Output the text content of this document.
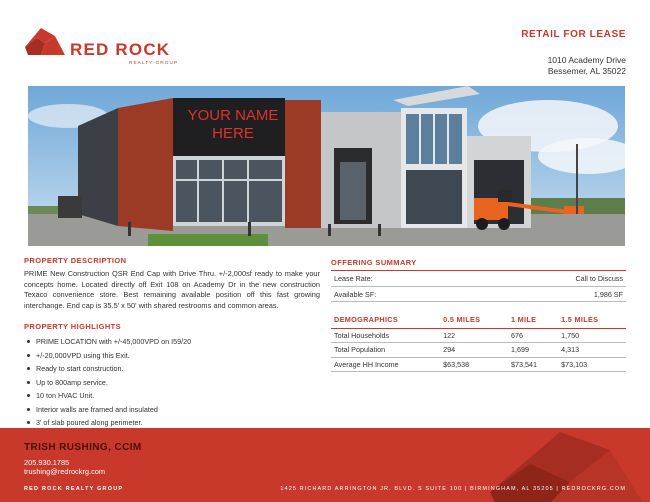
RED ROCK
REALTY GROUP
RETAIL FOR LEASE
1010 Academy Drive
Bessemer, AL 35022
YOUR NAME
HERE
PROPERTY DESCRIPTION
PRIME New Construction QSR End Cap with Drive Thru. +/-2,000sf ready to make your concepts home. Located directly off Exit 108 on Academy Dr in the new construction Texaco convenience store. Best remaining available position off this fast growing interchange. End cap is 35.5' x 50' with shared restrooms and common areas.
PROPERTY HIGHLIGHTS
PRIME LOCATION with +/-45,000VPD on I59/20
+/-20,000VPD using this Exit.
Ready to start construction.
Up to 800amp service.
10 ton HVAC Unit.
Interior walls are framed and insulated
3' of slab poured along perimeter.
OFFERING SUMMARY
Lease Rate:	Call to Discuss
Available SF:	1,986 SF
DEMOGRAPHICS	0.5 MILES	1 MILE	1.5 MILES
Total Households	122	676	1,750
Total Population	294	1,699	4,313
Average HH Income	$63,538	$73,541	$73,103
TRISH RUSHING, CCIM
205.930.1785
trushing@redrockrg.com
RED ROCK REALTY GROUP	1425 RICHARD ARRINGTON JR. BLVD. S SUITE 100 | BIRMINGHAM, AL 35205 | REDROCKRG.COM
